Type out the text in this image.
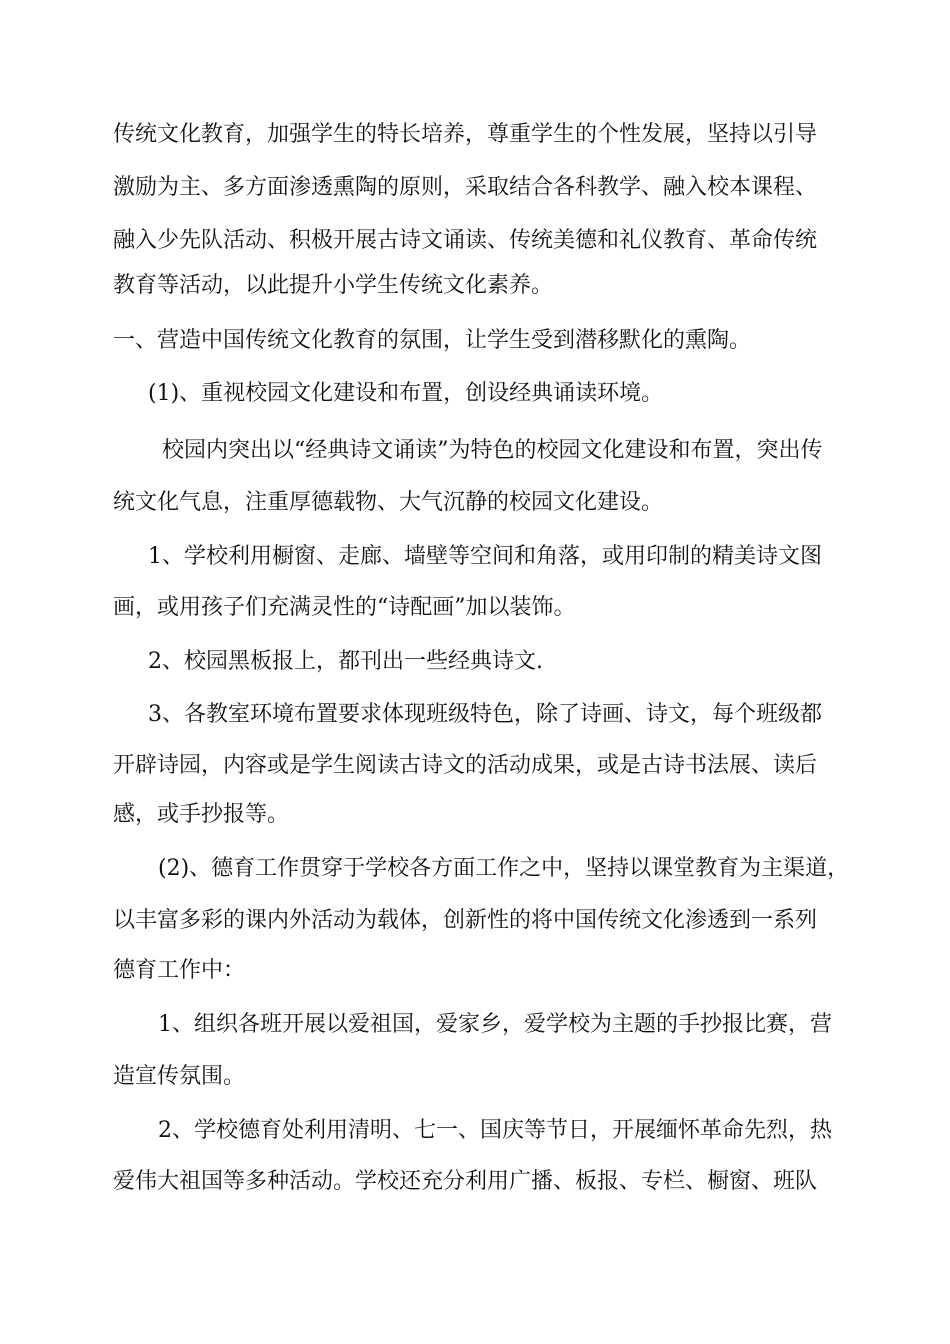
传统文化教育，加强学生的特长培养，尊重学生的个性发展，坚持以引导
激励为主、多方面渗透熏陶的原则，采取结合各科教学、融入校本课程、
融入少先队活动、积极开展古诗文诵读、传统美德和礼仪教育、革命传统
教育等活动，以此提升小学生传统文化素养。
一、营造中国传统文化教育的氛围，让学生受到潜移默化的熏陶。
(1)、重视校园文化建设和布置，创设经典诵读环境。
校园内突出以“经典诗文诵读”为特色的校园文化建设和布置，突出传
统文化气息，注重厚德载物、大气沉静的校园文化建设。
1、学校利用橱窗、走廊、墙壁等空间和角落，或用印制的精美诗文图
画，或用孩子们充满灵性的“诗配画”加以装饰。
2、校园黑板报上，都刊出一些经典诗文.
3、各教室环境布置要求体现班级特色，除了诗画、诗文，每个班级都
开辟诗园，内容或是学生阅读古诗文的活动成果，或是古诗书法展、读后
感，或手抄报等。
(2)、德育工作贯穿于学校各方面工作之中，坚持以课堂教育为主渠道，
以丰富多彩的课内外活动为载体，创新性的将中国传统文化渗透到一系列
德育工作中：
1、组织各班开展以爱祖国，爱家乡，爱学校为主题的手抄报比赛，营
造宣传氛围。
2、学校德育处利用清明、七一、国庆等节日，开展缅怀革命先烈，热
爱伟大祖国等多种活动。学校还充分利用广播、板报、专栏、橱窗、班队
